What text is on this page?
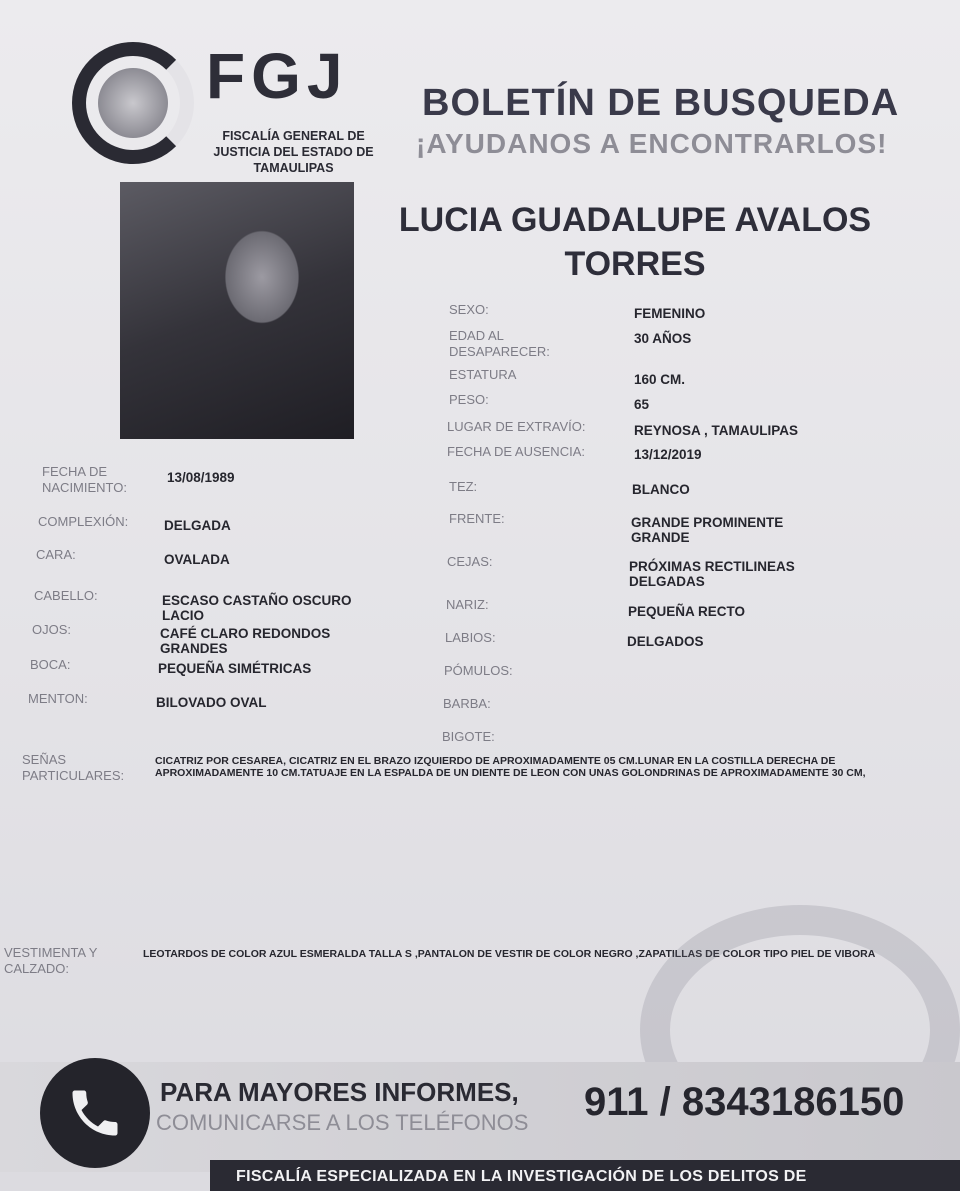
FGJ
FISCALÍA GENERAL DE JUSTICIA DEL ESTADO DE TAMAULIPAS
BOLETÍN DE BUSQUEDA
¡AYUDANOS A ENCONTRARLOS!
LUCIA GUADALUPE AVALOS TORRES
SEXO:	FEMENINO
EDAD AL DESAPARECER:
30 AÑOS
ESTATURA	160 CM.
PESO:	65
LUGAR DE EXTRAVÍO:	REYNOSA , TAMAULIPAS
FECHA DE AUSENCIA:	13/12/2019
TEZ:	BLANCO
FRENTE:	GRANDE PROMINENTE GRANDE
CEJAS:	PRÓXIMAS RECTILINEAS DELGADAS
NARIZ:	PEQUEÑA RECTO
LABIOS:	DELGADOS
PÓMULOS:
BARBA:
BIGOTE:
FECHA DE NACIMIENTO:
13/08/1989
COMPLEXIÓN:	DELGADA
CARA:	OVALADA
CABELLO:	ESCASO CASTAÑO OSCURO LACIO
OJOS:	CAFÉ CLARO REDONDOS GRANDES
BOCA:	PEQUEÑA SIMÉTRICAS
MENTON:	BILOVADO OVAL
SEÑAS PARTICULARES:
CICATRIZ POR CESAREA, CICATRIZ EN EL BRAZO IZQUIERDO DE APROXIMADAMENTE 05 CM.LUNAR EN LA COSTILLA DERECHA DE APROXIMADAMENTE 10 CM.TATUAJE EN LA ESPALDA DE UN DIENTE DE LEON CON UNAS GOLONDRINAS DE APROXIMADAMENTE 30 CM,
VESTIMENTA Y CALZADO:
LEOTARDOS DE COLOR AZUL ESMERALDA TALLA S ,PANTALON DE VESTIR DE COLOR NEGRO ,ZAPATILLAS DE COLOR TIPO PIEL DE VIBORA
PARA MAYORES INFORMES,
COMUNICARSE A LOS TELÉFONOS 911 / 8343186150
FISCALÍA ESPECIALIZADA EN LA INVESTIGACIÓN DE LOS DELITOS DE
